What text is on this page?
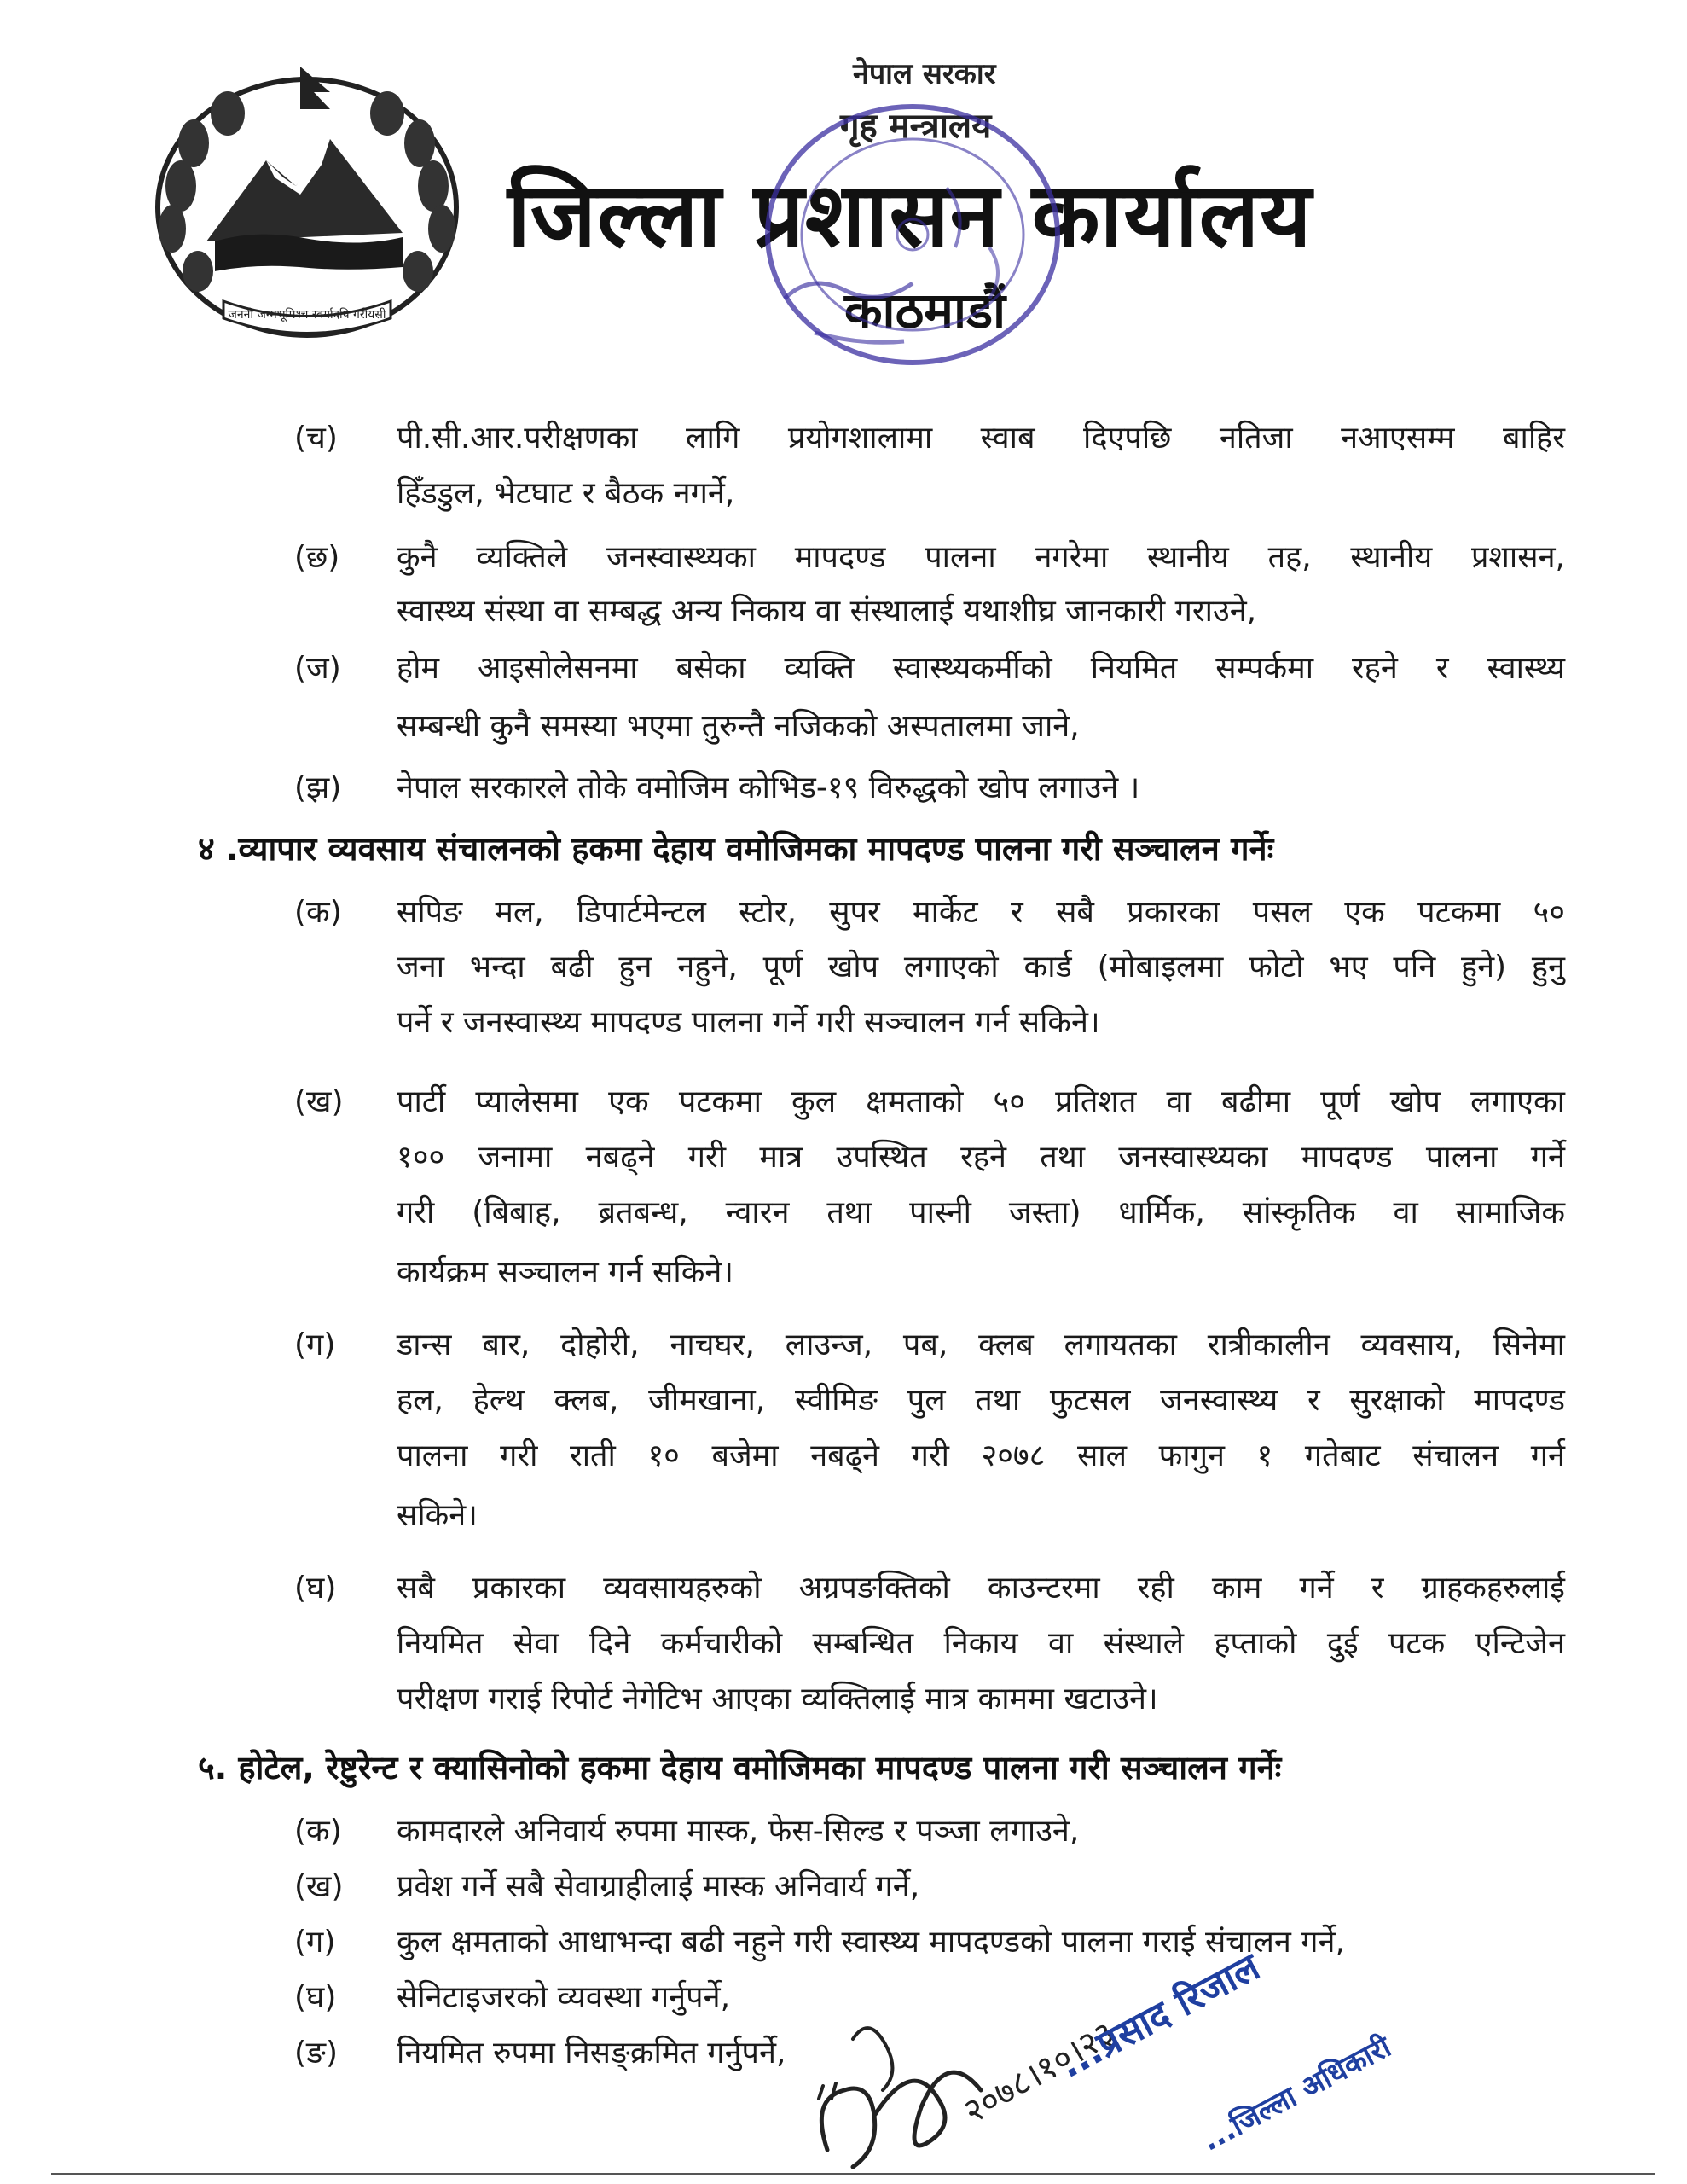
जननी जन्मभूमिश्च स्वर्गादपि गरीयसी
नेपाल सरकार
गृह मन्त्रालय
जिल्ला प्रशासन कार्यालय
काठमाडौं
(च) पी.सी.आर.परीक्षणका लागि प्रयोगशालामा स्वाब दिएपछि नतिजा नआएसम्म बाहिर
हिँडडुल, भेटघाट र बैठक नगर्ने,
(छ) कुनै व्यक्तिले जनस्वास्थ्यका मापदण्ड पालना नगरेमा स्थानीय तह, स्थानीय प्रशासन,
स्वास्थ्य संस्था वा सम्बद्ध अन्य निकाय वा संस्थालाई यथाशीघ्र जानकारी गराउने,
(ज) होम आइसोलेसनमा बसेका व्यक्ति स्वास्थ्यकर्मीको नियमित सम्पर्कमा रहने र स्वास्थ्य
सम्बन्धी कुनै समस्या भएमा तुरुन्तै नजिकको अस्पतालमा जाने,
(झ) नेपाल सरकारले तोके वमोजिम कोभिड-१९ विरुद्धको खोप लगाउने ।
४ .व्यापार व्यवसाय संचालनको हकमा देहाय वमोजिमका मापदण्ड पालना गरी सञ्चालन गर्नेः
(क) सपिङ मल, डिपार्टमेन्टल स्टोर, सुपर मार्केट र सबै प्रकारका पसल एक पटकमा ५०
जना भन्दा बढी हुन नहुने, पूर्ण खोप लगाएको कार्ड (मोबाइलमा फोटो भए पनि हुने) हुनु
पर्ने र जनस्वास्थ्य मापदण्ड पालना गर्ने गरी सञ्चालन गर्न सकिने।
(ख) पार्टी प्यालेसमा एक पटकमा कुल क्षमताको ५० प्रतिशत वा बढीमा पूर्ण खोप लगाएका
१०० जनामा नबढ्ने गरी मात्र उपस्थित रहने तथा जनस्वास्थ्यका मापदण्ड पालना गर्ने
गरी (बिबाह, ब्रतबन्ध, न्वारन तथा पास्नी जस्ता) धार्मिक, सांस्कृतिक वा सामाजिक
कार्यक्रम सञ्चालन गर्न सकिने।
(ग) डान्स बार, दोहोरी, नाचघर, लाउन्ज, पब, क्लब लगायतका रात्रीकालीन व्यवसाय, सिनेमा
हल, हेल्थ क्लब, जीमखाना, स्वीमिङ पुल तथा फुटसल जनस्वास्थ्य र सुरक्षाको मापदण्ड
पालना गरी राती १० बजेमा नबढ्ने गरी २०७८ साल फागुन १ गतेबाट संचालन गर्न
सकिने।
(घ) सबै प्रकारका व्यवसायहरुको अग्रपङक्तिको काउन्टरमा रही काम गर्ने र ग्राहकहरुलाई
नियमित सेवा दिने कर्मचारीको सम्बन्धित निकाय वा संस्थाले हप्ताको दुई पटक एन्टिजेन
परीक्षण गराई रिपोर्ट नेगेटिभ आएका व्यक्तिलाई मात्र काममा खटाउने।
५. होटेल, रेष्टुरेन्ट र क्यासिनोको हकमा देहाय वमोजिमका मापदण्ड पालना गरी सञ्चालन गर्नेः
(क) कामदारले अनिवार्य रुपमा मास्क, फेस-सिल्ड र पञ्जा लगाउने,
(ख) प्रवेश गर्ने सबै सेवाग्राहीलाई मास्क अनिवार्य गर्ने,
(ग) कुल क्षमताको आधाभन्दा बढी नहुने गरी स्वास्थ्य मापदण्डको पालना गराई संचालन गर्ने,
(घ) सेनिटाइजरको व्यवस्था गर्नुपर्ने,
(ङ) नियमित रुपमा निसङ्क्रमित गर्नुपर्ने,	२०७८।१०।२३
...प्रसाद रिजाल
...जिल्ला अधिकारी
